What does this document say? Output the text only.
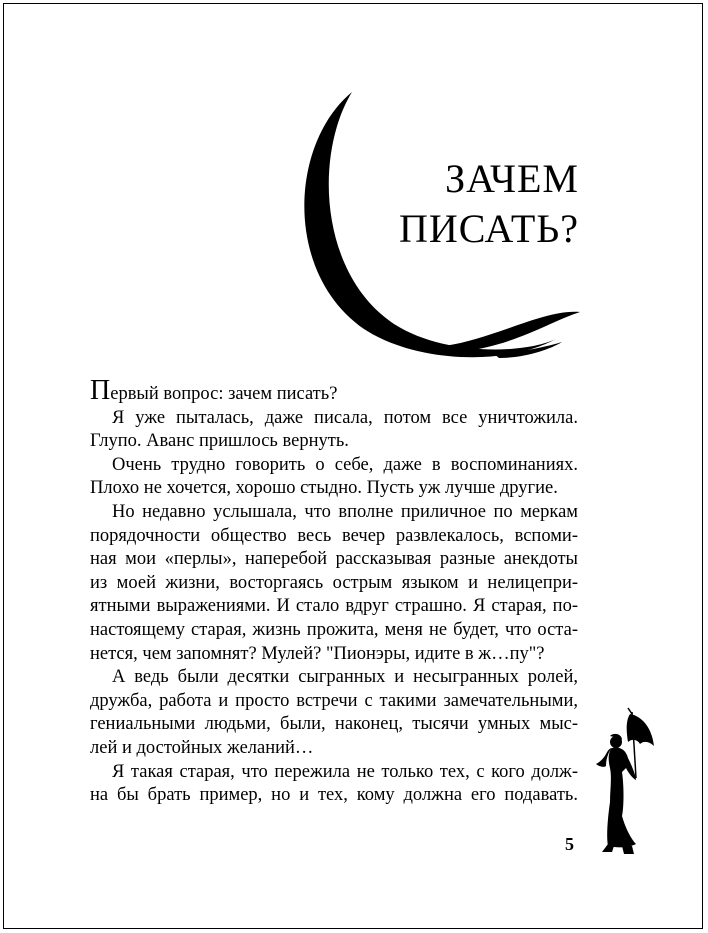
ЗАЧЕМ
ПИСАТЬ?
Первый вопрос: зачем писать?
Я уже пыталась, даже писала, потом все уничтожила.
Глупо. Аванс пришлось вернуть.
Очень трудно говорить о себе, даже в воспоминаниях.
Плохо не хочется, хорошо стыдно. Пусть уж лучше другие.
Но недавно услышала, что вполне приличное по меркам
порядочности общество весь вечер развлекалось, вспоми-
ная мои «перлы», наперебой рассказывая разные анекдоты
из моей жизни, восторгаясь острым языком и нелицепри-
ятными выражениями. И стало вдруг страшно. Я старая, по-
настоящему старая, жизнь прожита, меня не будет, что оста-
нется, чем запомнят? Мулей? "Пионэры, идите в ж…пу"?
А ведь были десятки сыгранных и несыгранных ролей,
дружба, работа и просто встречи с такими замечательными,
гениальными людьми, были, наконец, тысячи умных мыс-
лей и достойных желаний…
Я такая старая, что пережила не только тех, с кого долж-
на бы брать пример, но и тех, кому должна его подавать.
5
